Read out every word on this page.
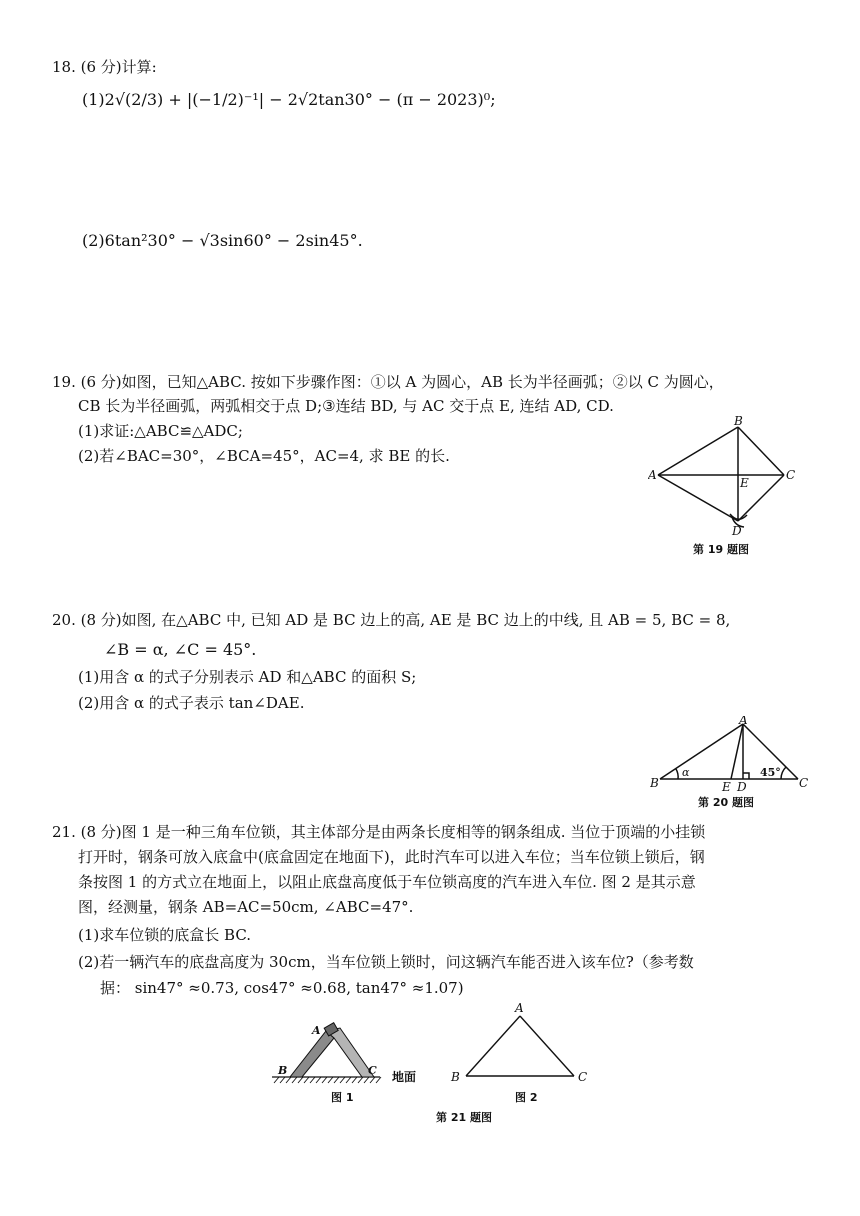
18. (6 分)计算:
(1)2√(2/3) + |(−1/2)⁻¹| − 2√2tan30° − (π − 2023)⁰;
(2)6tan²30° − √3sin60° − 2sin45°.
19. (6 分)如图，已知△ABC. 按如下步骤作图：①以 A 为圆心，AB 长为半径画弧；②以 C 为圆心，
CB 长为半径画弧，两弧相交于点 D;③连结 BD, 与 AC 交于点 E, 连结 AD, CD.
(1)求证:△ABC≌△ADC;
(2)若∠BAC=30°，∠BCA=45°，AC=4, 求 BE 的长.
A
B
C
D
E
第 19 题图
20. (8 分)如图, 在△ABC 中, 已知 AD 是 BC 边上的高, AE 是 BC 边上的中线, 且 AB = 5, BC = 8,
∠B = α, ∠C = 45°.
(1)用含 α 的式子分别表示 AD 和△ABC 的面积 S;
(2)用含 α 的式子表示 tan∠DAE.
A
B	C
D
E
α	45°
第 20 题图
21. (8 分)图 1 是一种三角车位锁，其主体部分是由两条长度相等的钢条组成. 当位于顶端的小挂锁
打开时，钢条可放入底盒中(底盒固定在地面下)，此时汽车可以进入车位；当车位锁上锁后，钢
条按图 1 的方式立在地面上，以阻止底盘高度低于车位锁高度的汽车进入车位. 图 2 是其示意
图，经测量，钢条 AB=AC=50cm, ∠ABC=47°.
(1)求车位锁的底盒长 BC.
(2)若一辆汽车的底盘高度为 30cm，当车位锁上锁时，问这辆汽车能否进入该车位?（参考数
据： sin47° ≈0.73, cos47° ≈0.68, tan47° ≈1.07)
A
B	C 地面
图 1
A
B	C
图 2
第 21 题图
